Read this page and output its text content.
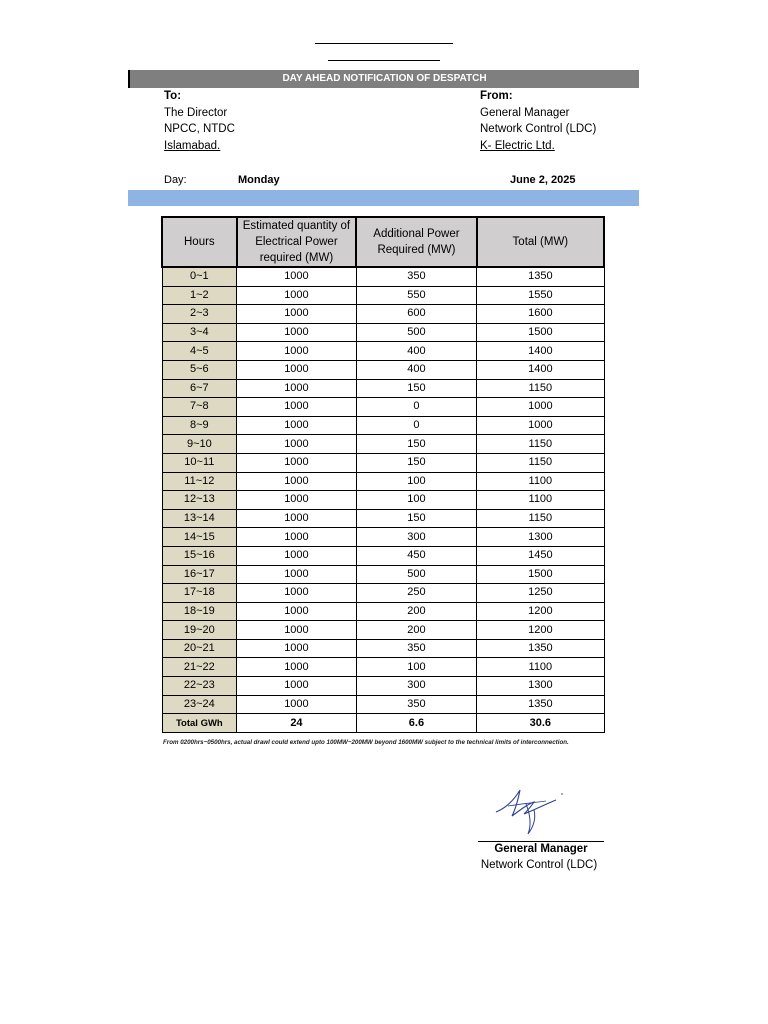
DAY AHEAD NOTIFICATION OF DESPATCH
To:
The Director
NPCC, NTDC
Islamabad.
From:
General Manager
Network Control (LDC)
K- Electric Ltd.
Day:	Monday	June 2, 2025
Hours	Estimated quantity of Electrical Power required (MW)	Additional Power Required (MW)	Total (MW)
0~1	1000	350	1350
1~2	1000	550	1550
2~3	1000	600	1600
3~4	1000	500	1500
4~5	1000	400	1400
5~6	1000	400	1400
6~7	1000	150	1150
7~8	1000	0	1000
8~9	1000	0	1000
9~10	1000	150	1150
10~11	1000	150	1150
11~12	1000	100	1100
12~13	1000	100	1100
13~14	1000	150	1150
14~15	1000	300	1300
15~16	1000	450	1450
16~17	1000	500	1500
17~18	1000	250	1250
18~19	1000	200	1200
19~20	1000	200	1200
20~21	1000	350	1350
21~22	1000	100	1100
22~23	1000	300	1300
23~24	1000	350	1350
Total GWh	24	6.6	30.6
From 0200hrs~0500hrs, actual drawl could extend upto 100MW~200MW beyond 1600MW subject to the technical limits of interconnection.
General Manager
Network Control (LDC)
